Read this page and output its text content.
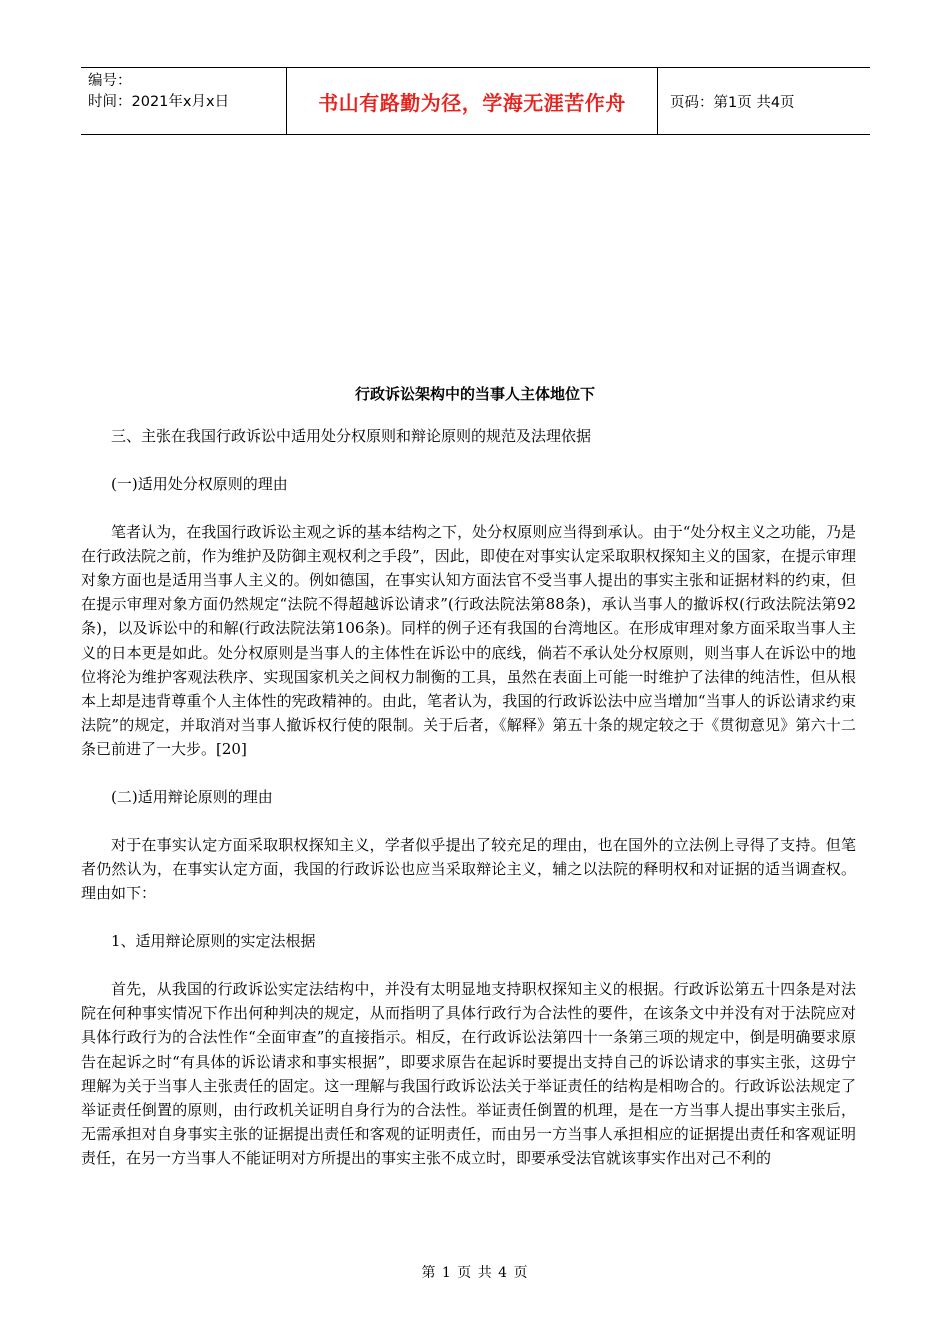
编号：
时间：2021年x月x日	书山有路勤为径，学海无涯苦作舟	页码：第1页 共4页
行政诉讼架构中的当事人主体地位下

三、主张在我国行政诉讼中适用处分权原则和辩论原则的规范及法理依据

(一)适用处分权原则的理由

笔者认为，在我国行政诉讼主观之诉的基本结构之下，处分权原则应当得到承认。由于“处分权主义之功能，乃是在行政法院之前，作为维护及防御主观权利之手段”，因此，即使在对事实认定采取职权探知主义的国家，在提示审理对象方面也是适用当事人主义的。例如德国，在事实认知方面法官不受当事人提出的事实主张和证据材料的约束，但在提示审理对象方面仍然规定“法院不得超越诉讼请求”(行政法院法第88条)，承认当事人的撤诉权(行政法院法第92条)，以及诉讼中的和解(行政法院法第106条)。同样的例子还有我国的台湾地区。在形成审理对象方面采取当事人主义的日本更是如此。处分权原则是当事人的主体性在诉讼中的底线，倘若不承认处分权原则，则当事人在诉讼中的地位将沦为维护客观法秩序、实现国家机关之间权力制衡的工具，虽然在表面上可能一时维护了法律的纯洁性，但从根本上却是违背尊重个人主体性的宪政精神的。由此，笔者认为，我国的行政诉讼法中应当增加“当事人的诉讼请求约束法院”的规定，并取消对当事人撤诉权行使的限制。关于后者，《解释》第五十条的规定较之于《贯彻意见》第六十二条已前进了一大步。[20]

(二)适用辩论原则的理由

对于在事实认定方面采取职权探知主义，学者似乎提出了较充足的理由，也在国外的立法例上寻得了支持。但笔者仍然认为，在事实认定方面，我国的行政诉讼也应当采取辩论主义，辅之以法院的释明权和对证据的适当调查权。理由如下：

1、适用辩论原则的实定法根据

首先，从我国的行政诉讼实定法结构中，并没有太明显地支持职权探知主义的根据。行政诉讼第五十四条是对法院在何种事实情况下作出何种判决的规定，从而指明了具体行政行为合法性的要件，在该条文中并没有对于法院应对具体行政行为的合法性作“全面审查”的直接指示。相反，在行政诉讼法第四十一条第三项的规定中，倒是明确要求原告在起诉之时“有具体的诉讼请求和事实根据”，即要求原告在起诉时要提出支持自己的诉讼请求的事实主张，这毋宁理解为关于当事人主张责任的固定。这一理解与我国行政诉讼法关于举证责任的结构是相吻合的。行政诉讼法规定了举证责任倒置的原则，由行政机关证明自身行为的合法性。举证责任倒置的机理，是在一方当事人提出事实主张后，无需承担对自身事实主张的证据提出责任和客观的证明责任，而由另一方当事人承担相应的证据提出责任和客观证明责任，在另一方当事人不能证明对方所提出的事实主张不成立时，即要承受法官就该事实作出对己不利的

第 1 页 共 4 页
